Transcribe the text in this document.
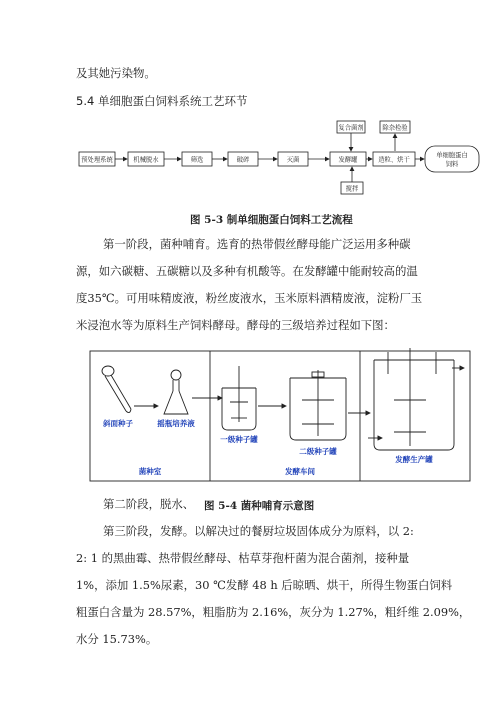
及其她污染物。
5.4 单细胞蛋白饲料系统工艺环节
预处理系统	机械脱水	筛选	破碎	灭菌	发酵罐	造粒、烘干
复合菌剂	除杂检验
搅拌
单细胞蛋白
饲料
图 5-3 制单细胞蛋白饲料工艺流程
第一阶段，菌种哺育。选育的热带假丝酵母能广泛运用多种碳
源，如六碳糖、五碳糖以及多种有机酸等。在发酵罐中能耐较高的温
度35℃。可用味精废液，粉丝废液水，玉米原料酒精废液，淀粉厂玉
米浸泡水等为原料生产饲料酵母。酵母的三级培养过程如下图：
斜面种子	摇瓶培养液
菌种室
一级种子罐
二级种子罐
发酵车间
发酵生产罐
第二阶段，脱水、 图 5-4 菌种哺育示意图
第三阶段，发酵。以解决过的餐厨垃圾固体成分为原料，以 2:
2: 1 的黑曲霉、热带假丝酵母、枯草芽孢杆菌为混合菌剂，接种量
1%，添加 1.5%尿素，30 ℃发酵 48 h 后晾晒、烘干，所得生物蛋白饲料
粗蛋白含量为 28.57%，粗脂肪为 2.16%，灰分为 1.27%，粗纤维 2.09%，
水分 15.73%。
